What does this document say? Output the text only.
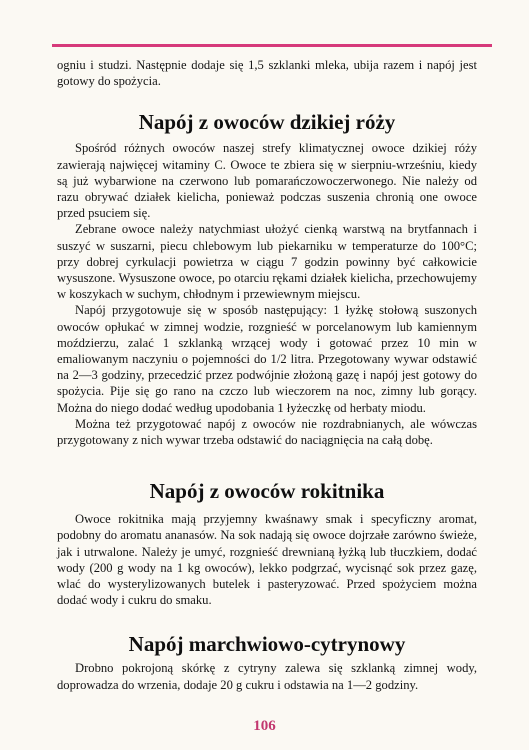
ogniu i studzi. Następnie dodaje się 1,5 szklanki mleka, ubija razem i napój jest gotowy do spożycia.

Napój z owoców dzikiej róży

Spośród różnych owoców naszej strefy klimatycznej owoce dzikiej róży zawierają najwięcej witaminy C. Owoce te zbiera się w sierpniu-wrześniu, kiedy są już wybarwione na czerwono lub pomarańczowoczerwonego. Nie należy od razu obrywać działek kielicha, ponieważ podczas suszenia chronią one owoce przed psuciem się.

Zebrane owoce należy natychmiast ułożyć cienką warstwą na brytfannach i suszyć w suszarni, piecu chlebowym lub piekarniku w temperaturze do 100°C; przy dobrej cyrkulacji powietrza w ciągu 7 godzin powinny być całkowicie wysuszone. Wysuszone owoce, po otarciu rękami działek kielicha, przechowujemy w koszykach w suchym, chłodnym i przewiewnym miejscu.

Napój przygotowuje się w sposób następujący: 1 łyżkę stołową suszonych owoców opłukać w zimnej wodzie, rozgnieść w porcelanowym lub kamiennym moździerzu, zalać 1 szklanką wrzącej wody i gotować przez 10 min w emaliowanym naczyniu o pojemności do 1/2 litra. Przegotowany wywar odstawić na 2—3 godziny, przecedzić przez podwójnie złożoną gazę i napój jest gotowy do spożycia. Pije się go rano na czczo lub wieczorem na noc, zimny lub gorący. Można do niego dodać według upodobania 1 łyżeczkę od herbaty miodu.

Można też przygotować napój z owoców nie rozdrabnianych, ale wówczas przygotowany z nich wywar trzeba odstawić do naciągnięcia na całą dobę.

Napój z owoców rokitnika

Owoce rokitnika mają przyjemny kwaśnawy smak i specyficzny aromat, podobny do aromatu ananasów. Na sok nadają się owoce dojrzałe zarówno świeże, jak i utrwalone. Należy je umyć, rozgnieść drewnianą łyżką lub tłuczkiem, dodać wody (200 g wody na 1 kg owoców), lekko podgrzać, wycisnąć sok przez gazę, wlać do wysterylizowanych butelek i pasteryzować. Przed spożyciem można dodać wody i cukru do smaku.

Napój marchwiowo-cytrynowy

Drobno pokrojoną skórkę z cytryny zalewa się szklanką zimnej wody, doprowadza do wrzenia, dodaje 20 g cukru i odstawia na 1—2 godziny.

106
